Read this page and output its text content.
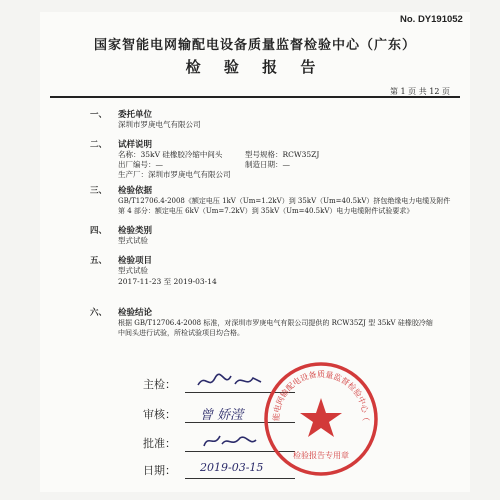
No. DY191052
国家智能电网输配电设备质量监督检验中心（广东）
检 验 报 告
第 1 页 共 12 页
一、 委托单位
深圳市罗庚电气有限公司
二、 试样说明
名称：35kV 硅橡胶冷缩中间头	型号规格：RCW35ZJ
出厂编号：—	制造日期：—
生产厂：深圳市罗庚电气有限公司
三、 检验依据
GB/T12706.4-2008《额定电压 1kV（Um=1.2kV）到 35kV（Um=40.5kV）挤包绝缘电力电缆及附件
第 4 部分：额定电压 6kV（Um=7.2kV）到 35kV（Um=40.5kV）电力电缆附件试验要求》
四、 检验类别
型式试验
五、 检验项目
型式试验
2017-11-23 至 2019-03-14
六、 检验结论
根据 GB/T12706.4-2008 标准，对深圳市罗庚电气有限公司提供的 RCW35ZJ 型 35kV 硅橡胶冷缩
中间头进行试验，所检试验项目均合格。
主检：
审核： 曾 娇滢
批准：
日期： 2019-03-15
能电网输配电设备质量监督检验中心（
检验报告专用章
